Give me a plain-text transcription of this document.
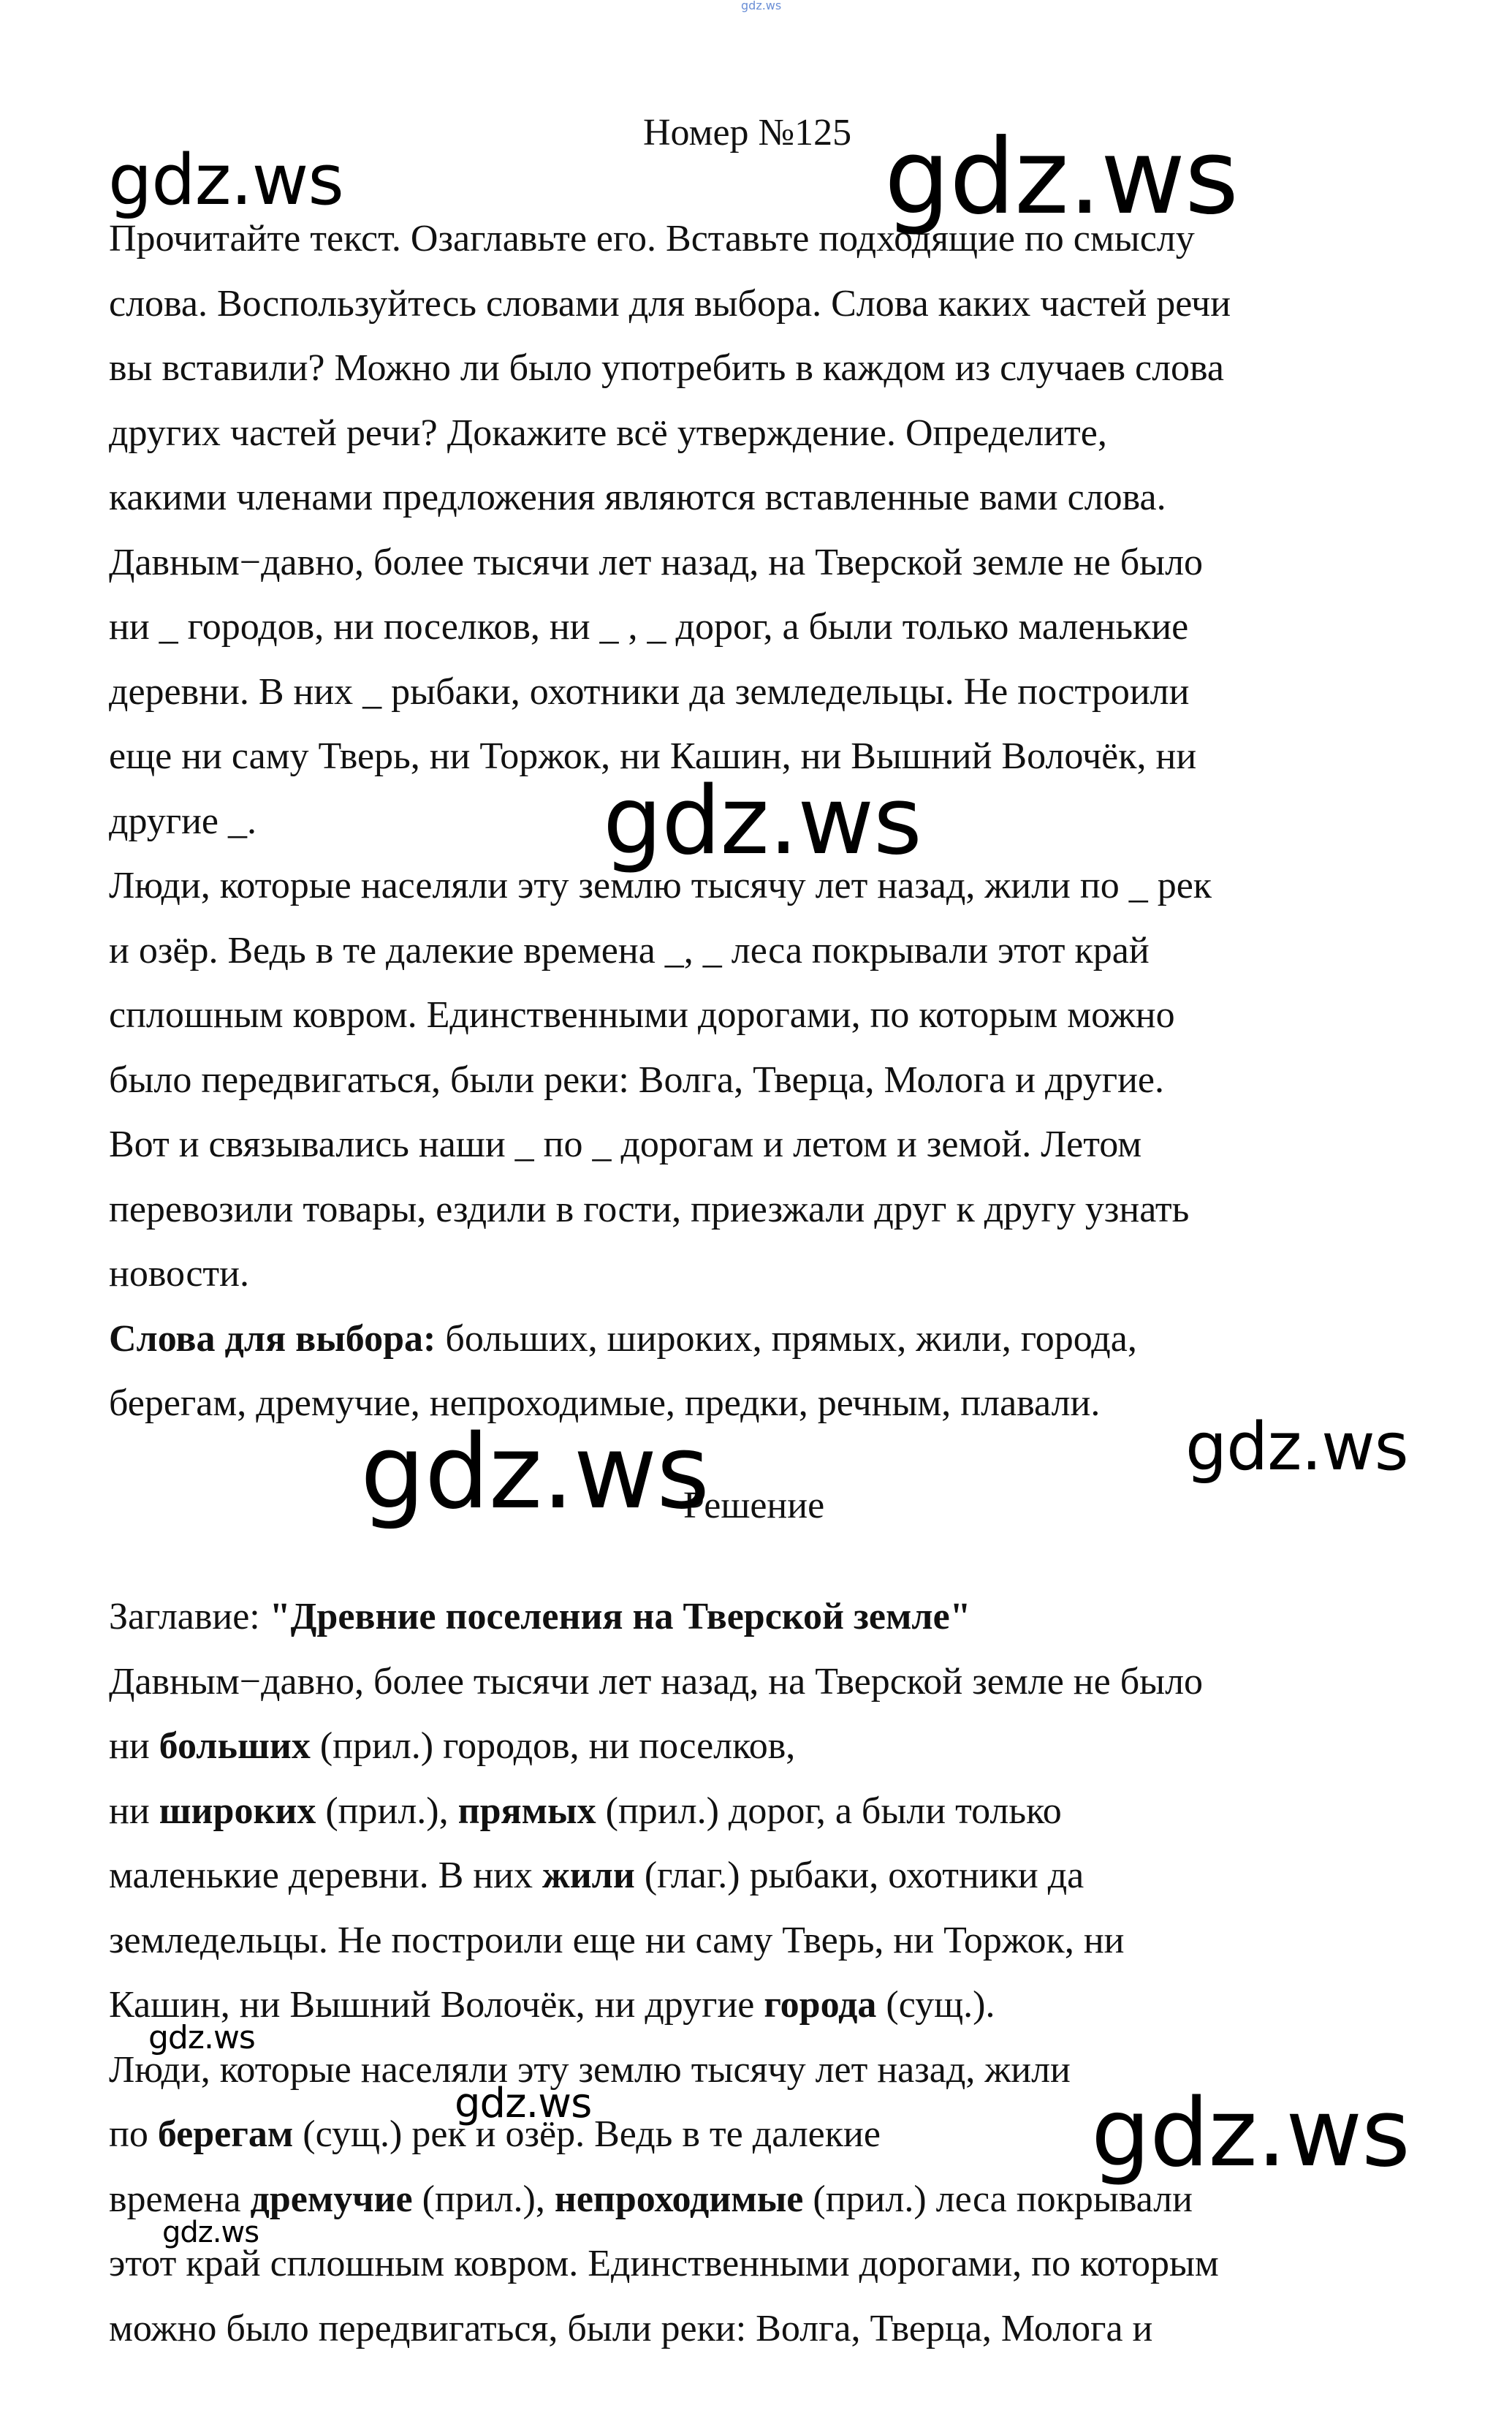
gdz.ws
Номер №125

Прочитайте текст. Озаглавьте его. Вставьте подходящие по смыслу

слова. Воспользуйтесь словами для выбора. Слова каких частей речи

вы вставили? Можно ли было употребить в каждом из случаев слова

других частей речи? Докажите всё утверждение. Определите,

какими членами предложения являются вставленные вами слова.

Давным−давно, более тысячи лет назад, на Тверской земле не было

ни _ городов, ни поселков, ни _ , _ дорог, а были только маленькие

деревни. В них _ рыбаки, охотники да земледельцы. Не построили

еще ни саму Тверь, ни Торжок, ни Кашин, ни Вышний Волочёк, ни

другие _.

Люди, которые населяли эту землю тысячу лет назад, жили по _ рек

и озёр. Ведь в те далекие времена _, _ леса покрывали этот край

сплошным ковром. Единственными дорогами, по которым можно

было передвигаться, были реки: Волга, Тверца, Молога и другие.

Вот и связывались наши _ по _ дорогам и летом и земой. Летом

перевозили товары, ездили в гости, приезжали друг к другу узнать

новости.

Слова для выбора: больших, широких, прямых, жили, города,

берегам, дремучие, непроходимые, предки, речным, плавали.

Решение

Заглавие: "Древние поселения на Тверской земле"

Давным−давно, более тысячи лет назад, на Тверской земле не было

ни больших (прил.) городов, ни поселков,

ни широких (прил.), прямых (прил.) дорог, а были только

маленькие деревни. В них жили (глаг.) рыбаки, охотники да

земледельцы. Не построили еще ни саму Тверь, ни Торжок, ни

Кашин, ни Вышний Волочёк, ни другие города (сущ.).

Люди, которые населяли эту землю тысячу лет назад, жили

по берегам (сущ.) рек и озёр. Ведь в те далекие

времена дремучие (прил.), непроходимые (прил.) леса покрывали

этот край сплошным ковром. Единственными дорогами, по которым

можно было передвигаться, были реки: Волга, Тверца, Молога и

gdz.ws	gdz.ws
gdz.ws
gdz.ws	gdz.ws
gdz.ws
gdz.ws	gdz.ws
gdz.ws
